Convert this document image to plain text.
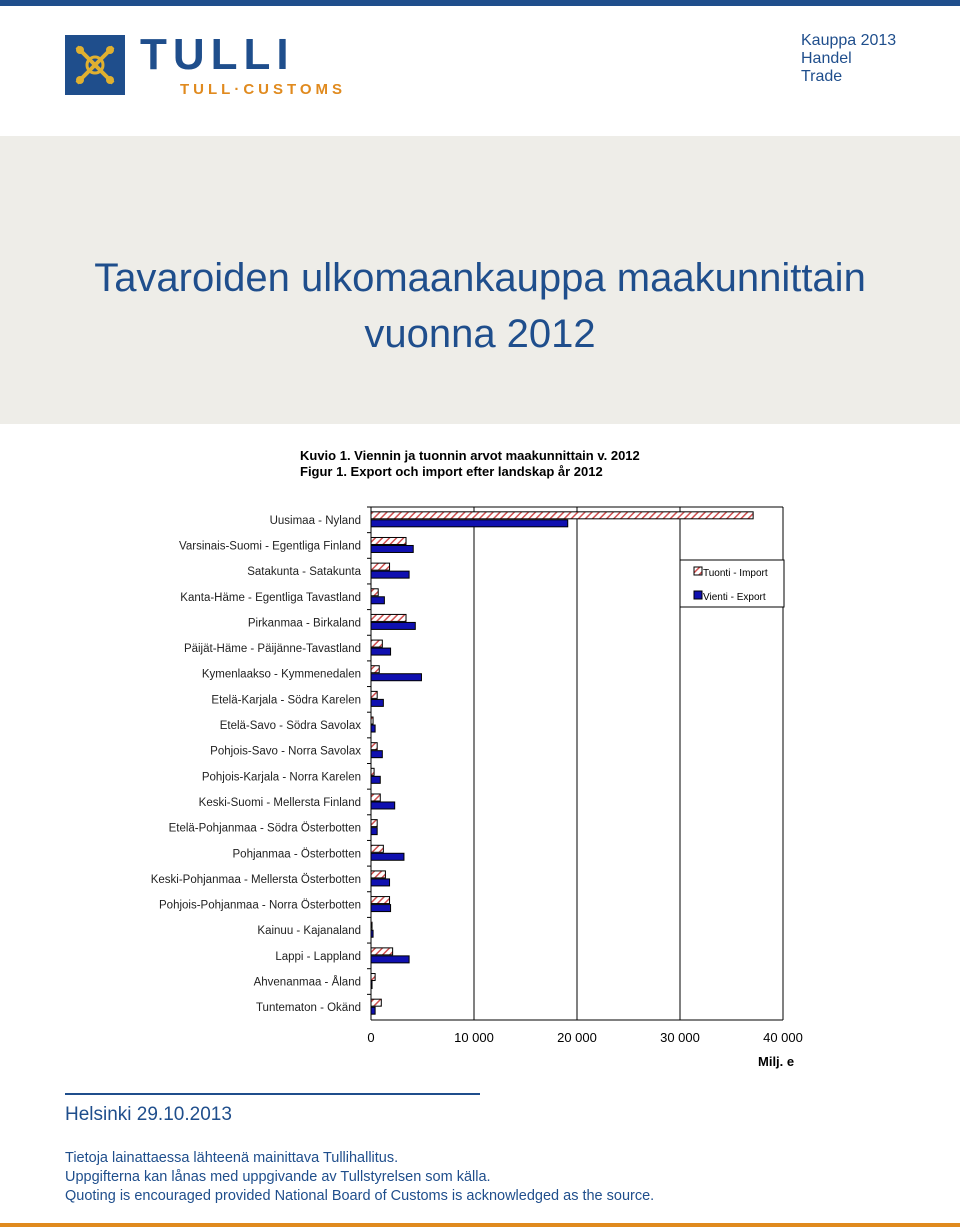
TULLI
TULL·CUSTOMS
Kauppa 2013
Handel
Trade
Tavaroiden ulkomaankauppa maakunnittain
vuonna 2012
Kuvio 1. Viennin ja tuonnin arvot maakunnittain v. 2012
Figur 1. Export och import efter landskap år 2012
0	10 000	20 000	30 000	40 000
Uusimaa - Nyland
Varsinais-Suomi - Egentliga Finland
Satakunta - Satakunta
Kanta-Häme - Egentliga Tavastland
Pirkanmaa - Birkaland
Päijät-Häme - Päijänne-Tavastland
Kymenlaakso - Kymmenedalen
Etelä-Karjala - Södra Karelen
Etelä-Savo - Södra Savolax
Pohjois-Savo - Norra Savolax
Pohjois-Karjala - Norra Karelen
Keski-Suomi - Mellersta Finland
Etelä-Pohjanmaa - Södra Österbotten
Pohjanmaa - Österbotten
Keski-Pohjanmaa - Mellersta Österbotten
Pohjois-Pohjanmaa - Norra Österbotten
Kainuu - Kajanaland
Lappi - Lappland
Ahvenanmaa - Åland
Tuntematon - Okänd
Tuonti - Import
Vienti - Export
Milj. e
Helsinki 29.10.2013
Tietoja lainattaessa lähteenä mainittava Tullihallitus.
Uppgifterna kan lånas med uppgivande av Tullstyrelsen som källa.
Quoting is encouraged provided National Board of Customs is acknowledged as the source.
